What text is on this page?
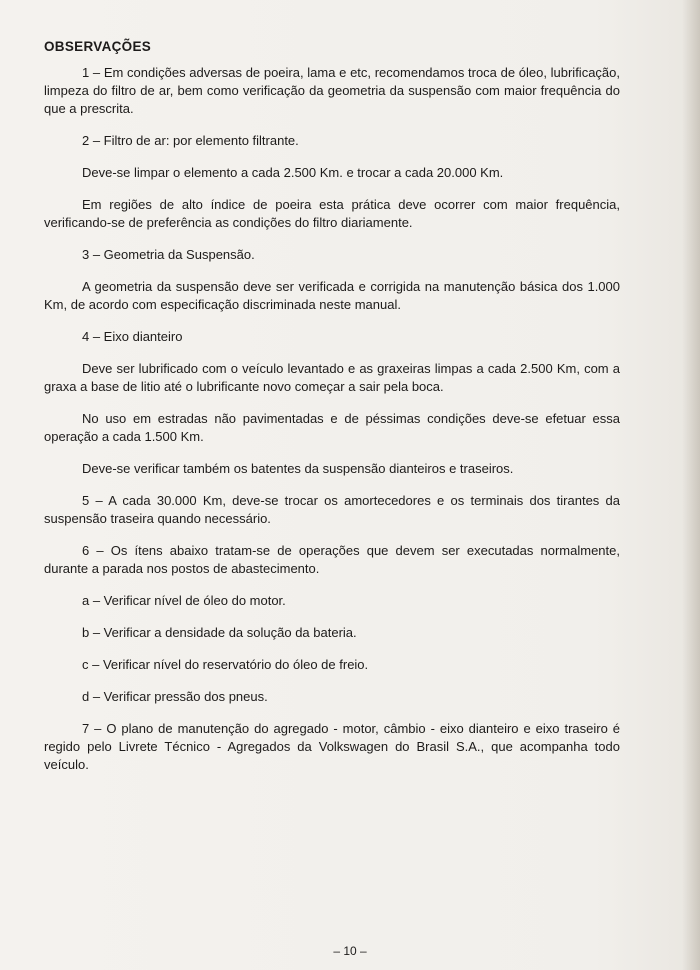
OBSERVAÇÕES

1 – Em condições adversas de poeira, lama e etc, recomendamos troca de óleo, lubrificação, limpeza do filtro de ar, bem como verificação da geometria da suspensão com maior frequência do que a prescrita.

2 – Filtro de ar: por elemento filtrante.

Deve-se limpar o elemento a cada 2.500 Km. e trocar a cada 20.000 Km.

Em regiões de alto índice de poeira esta prática deve ocorrer com maior frequência, verificando-se de preferência as condições do filtro diariamente.

3 – Geometria da Suspensão.

A geometria da suspensão deve ser verificada e corrigida na manutenção básica dos 1.000 Km, de acordo com especificação discriminada neste manual.

4 – Eixo dianteiro

Deve ser lubrificado com o veículo levantado e as graxeiras limpas a cada 2.500 Km, com a graxa a base de litio até o lubrificante novo começar a sair pela boca.

No uso em estradas não pavimentadas e de péssimas condições deve-se efetuar essa operação a cada 1.500 Km.

Deve-se verificar também os batentes da suspensão dianteiros e traseiros.

5 – A cada 30.000 Km, deve-se trocar os amortecedores e os terminais dos tirantes da suspensão traseira quando necessário.

6 – Os ítens abaixo tratam-se de operações que devem ser executadas normalmente, durante a parada nos postos de abastecimento.

a – Verificar nível de óleo do motor.

b – Verificar a densidade da solução da bateria.

c – Verificar nível do reservatório do óleo de freio.

d – Verificar pressão dos pneus.

7 – O plano de manutenção do agregado - motor, câmbio - eixo dianteiro e eixo traseiro é regido pelo Livrete Técnico - Agregados da Volkswagen do Brasil S.A., que acompanha todo veículo.

– 10 –
